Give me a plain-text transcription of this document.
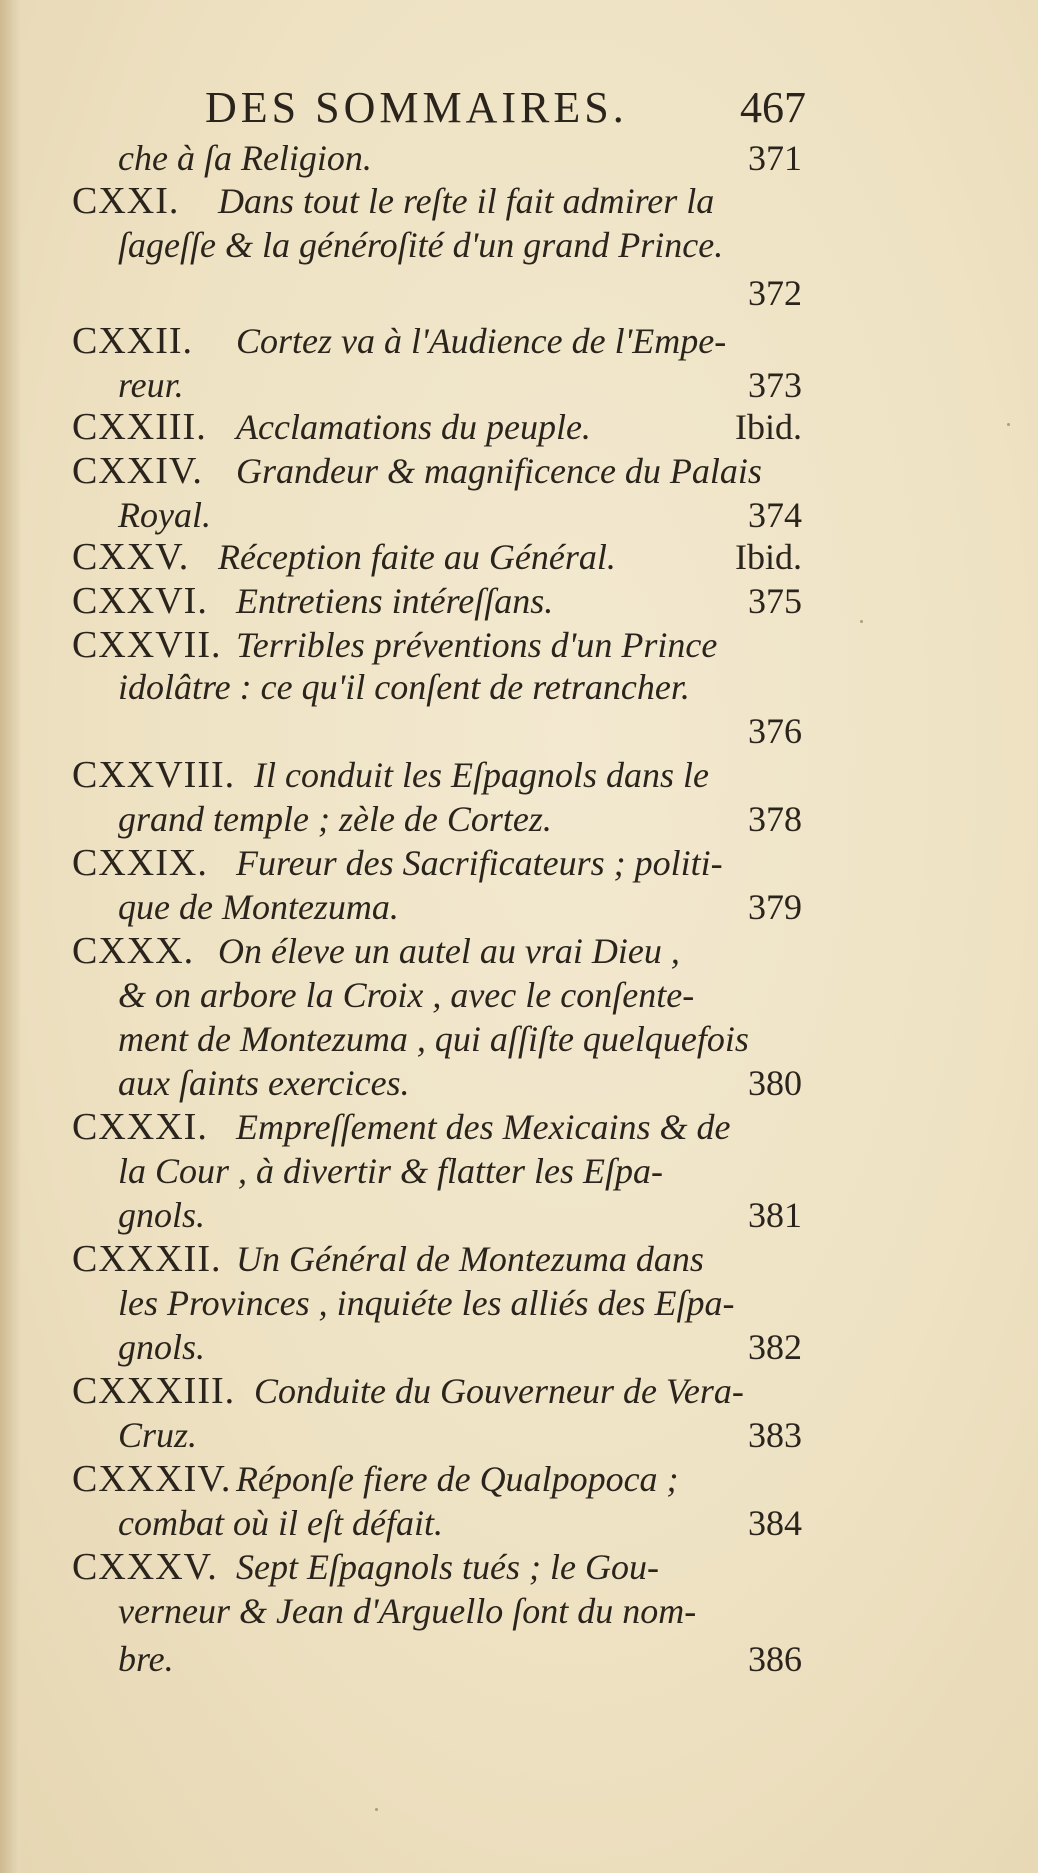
DES SOMMAIRES.	467
che à ſa Religion.	371
CXXI. Dans tout le reſte il fait admirer la
ſageſſe & la généroſité d'un grand Prince.
372
CXXII. Cortez va à l'Audience de l'Empe-
reur.	373
CXXIII. Acclamations du peuple.	Ibid.
CXXIV. Grandeur & magnificence du Palais
Royal.	374
CXXV. Réception faite au Général.	Ibid.
CXXVI. Entretiens intéreſſans.	375
CXXVII. Terribles préventions d'un Prince
idolâtre : ce qu'il conſent de retrancher.
376
CXXVIII. Il conduit les Eſpagnols dans le
grand temple ; zèle de Cortez.	378
CXXIX. Fureur des Sacrificateurs ; politi-
que de Montezuma.	379
CXXX. On éleve un autel au vrai Dieu ,
& on arbore la Croix , avec le conſente-
ment de Montezuma , qui aſſiſte quelquefois
aux ſaints exercices.	380
CXXXI. Empreſſement des Mexicains & de
la Cour , à divertir & flatter les Eſpa-
gnols.	381
CXXXII. Un Général de Montezuma dans
les Provinces , inquiéte les alliés des Eſpa-
gnols.	382
CXXXIII. Conduite du Gouverneur de Vera-
Cruz.	383
CXXXIV. Réponſe fiere de Qualpopoca ;
combat où il eſt défait.	384
CXXXV. Sept Eſpagnols tués ; le Gou-
verneur & Jean d'Arguello ſont du nom-
bre.	386
